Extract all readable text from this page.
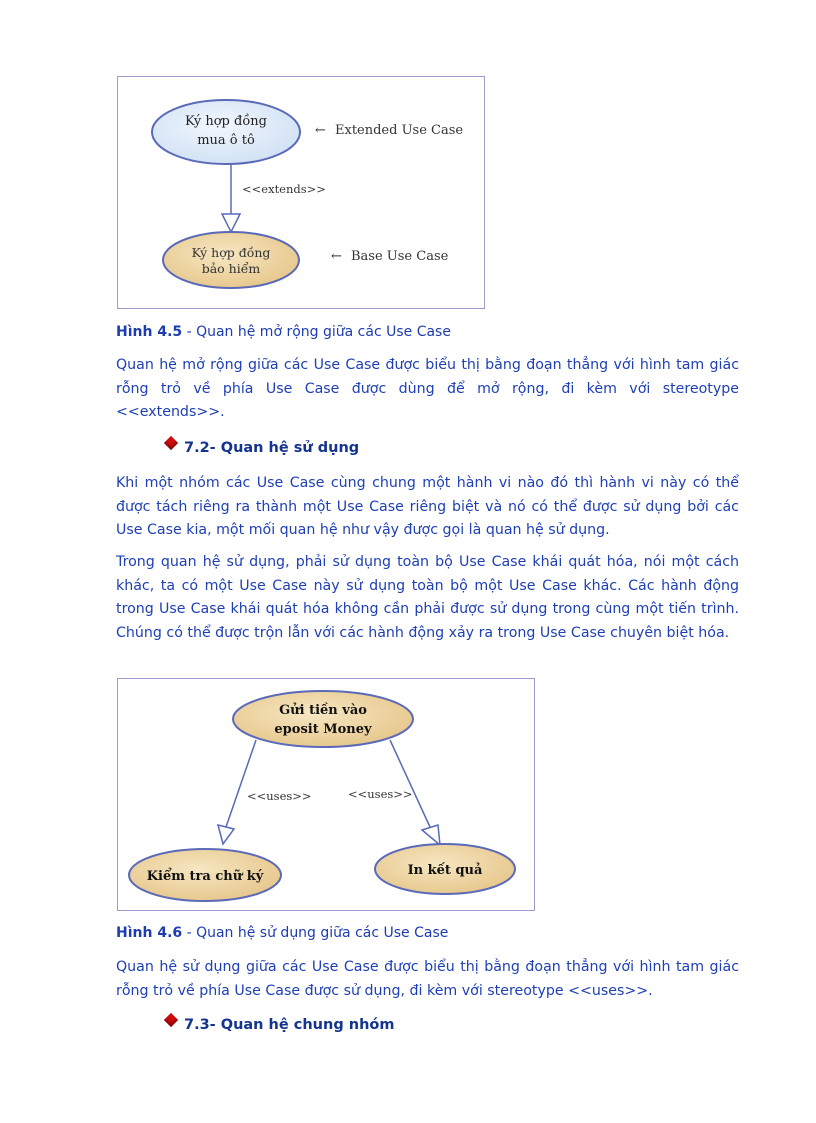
Ký hợp đồng
mua ô tô
<<extends>>
Ký hợp đồng
bảo hiểm
← Extended Use Case
← Base Use Case
Hình 4.5 - Quan hệ mở rộng giữa các Use Case

Quan hệ mở rộng giữa các Use Case được biểu thị bằng đoạn thẳng với hình tam giác rỗng trỏ về phía Use Case được dùng để mở rộng, đi kèm với stereotype <<extends>>.

7.2- Quan hệ sử dụng

Khi một nhóm các Use Case cùng chung một hành vi nào đó thì hành vi này có thể được tách riêng ra thành một Use Case riêng biệt và nó có thể được sử dụng bởi các Use Case kia, một mối quan hệ như vậy được gọi là quan hệ sử dụng.

Trong quan hệ sử dụng, phải sử dụng toàn bộ Use Case khái quát hóa, nói một cách khác, ta có một Use Case này sử dụng toàn bộ một Use Case khác. Các hành động trong Use Case khái quát hóa không cần phải được sử dụng trong cùng một tiến trình. Chúng có thể được trộn lẫn với các hành động xảy ra trong Use Case chuyên biệt hóa.

Gửi tiền vào
eposit Money
<<uses>>	<<uses>>
Kiểm tra chữ ký	In kết quả
Hình 4.6 - Quan hệ sử dụng giữa các Use Case

Quan hệ sử dụng giữa các Use Case được biểu thị bằng đoạn thẳng với hình tam giác rỗng trỏ về phía Use Case được sử dụng, đi kèm với stereotype <<uses>>.

7.3- Quan hệ chung nhóm
